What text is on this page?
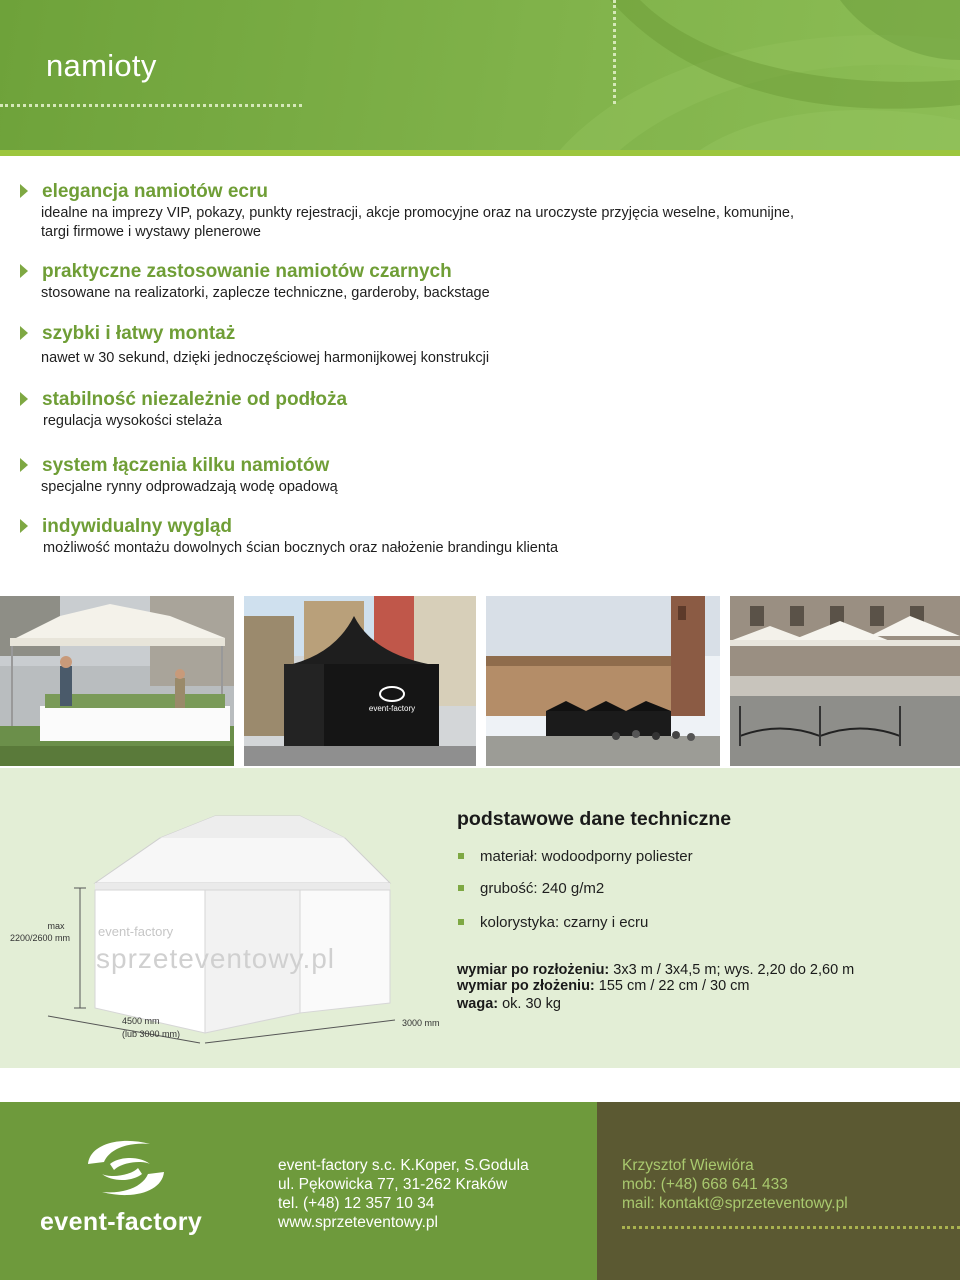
namioty
elegancja namiotów ecru
idealne na imprezy VIP, pokazy, punkty rejestracji, akcje promocyjne oraz na uroczyste przyjęcia weselne, komunijne, targi firmowe i wystawy plenerowe
praktyczne zastosowanie namiotów czarnych
stosowane na realizatorki, zaplecze techniczne, garderoby, backstage
szybki i łatwy montaż
nawet w 30 sekund, dzięki jednoczęściowej harmonijkowej konstrukcji
stabilność niezależnie od podłoża
regulacja wysokości stelaża
system łączenia kilku namiotów
specjalne rynny odprowadzają wodę opadową
indywidualny wygląd
możliwość montażu dowolnych ścian bocznych oraz nałożenie brandingu klienta
event-factory
event-factory
sprzeteventowy.pl
max
2200/2600 mm
4500 mm
(lub 3000 mm)
3000 mm
podstawowe dane techniczne
materiał: wodoodporny poliester
grubość: 240 g/m2
kolorystyka: czarny i ecru
wymiar po rozłożeniu: 3x3 m / 3x4,5 m; wys. 2,20 do 2,60 m
wymiar po złożeniu: 155 cm / 22 cm / 30 cm
waga: ok. 30 kg
event-factory
event-factory s.c. K.Koper, S.Godula
ul. Pękowicka 77, 31-262 Kraków
tel. (+48) 12 357 10 34
www.sprzeteventowy.pl
Krzysztof Wiewióra
mob: (+48) 668 641 433
mail: kontakt@sprzeteventowy.pl
